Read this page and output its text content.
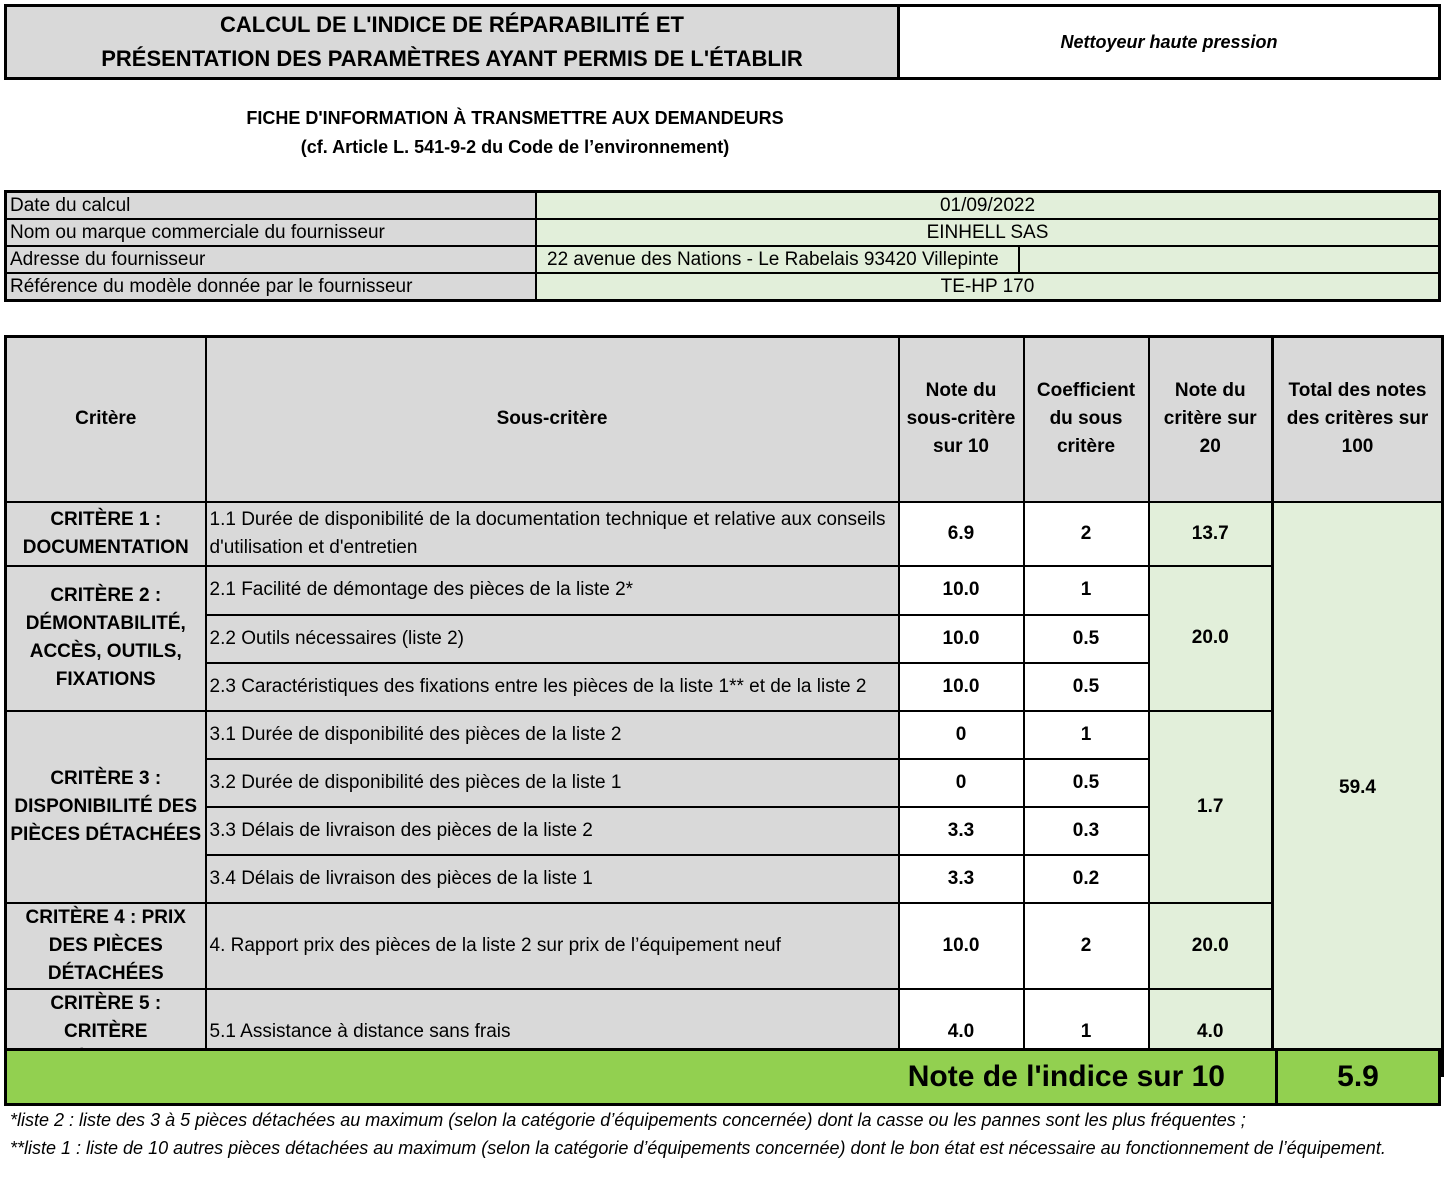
CALCUL DE L'INDICE DE RÉPARABILITÉ ET
PRÉSENTATION DES PARAMÈTRES AYANT PERMIS DE L'ÉTABLIR
Nettoyeur haute pression
FICHE D'INFORMATION À TRANSMETTRE AUX DEMANDEURS
(cf. Article L. 541-9-2 du Code de l’environnement)
Date du calcul	01/09/2022	
Nom ou marque commerciale du fournisseur	EINHELL SAS	
Adresse du fournisseur	22 avenue des Nations - Le Rabelais 93420 Villepinte	
Référence du modèle donnée par le fournisseur	TE-HP 170	
Critère	Sous-critère	Note du sous-critère sur 10	Coefficient du sous critère	Note du critère sur 20	Total des notes des critères sur 100
CRITÈRE 1 : DOCUMENTATION	1.1 Durée de disponibilité de la documentation technique et relative aux conseils d'utilisation et d'entretien	6.9	2	13.7	59.4
CRITÈRE 2 : DÉMONTABILITÉ, ACCÈS, OUTILS, FIXATIONS	2.1 Facilité de démontage des pièces de la liste 2*	10.0	1	20.0	
	2.2 Outils nécessaires (liste 2)	10.0	0.5		
	2.3 Caractéristiques des fixations entre les pièces de la liste 1** et de la liste 2	10.0	0.5		
CRITÈRE 3 : DISPONIBILITÉ DES PIÈCES DÉTACHÉES	3.1 Durée de disponibilité des pièces de la liste 2	0	1	1.7	
	3.2 Durée de disponibilité des pièces de la liste 1	0	0.5		
	3.3 Délais de livraison des pièces de la liste 2	3.3	0.3		
	3.4 Délais de livraison des pièces de la liste 1	3.3	0.2		
CRITÈRE 4 : PRIX DES PIÈCES DÉTACHÉES	4. Rapport prix des pièces de la liste 2 sur prix de l’équipement neuf	10.0	2	20.0	
CRITÈRE 5 : CRITÈRE	5.1 Assistance à distance sans frais	4.0	1	4.0	
Note de l'indice sur 10	5.9
*liste 2 : liste des 3 à 5 pièces détachées au maximum (selon la catégorie d’équipements concernée) dont la casse ou les pannes sont les plus fréquentes ;
**liste 1 : liste de 10 autres pièces détachées au maximum (selon la catégorie d’équipements concernée) dont le bon état est nécessaire au fonctionnement de l’équipement.
